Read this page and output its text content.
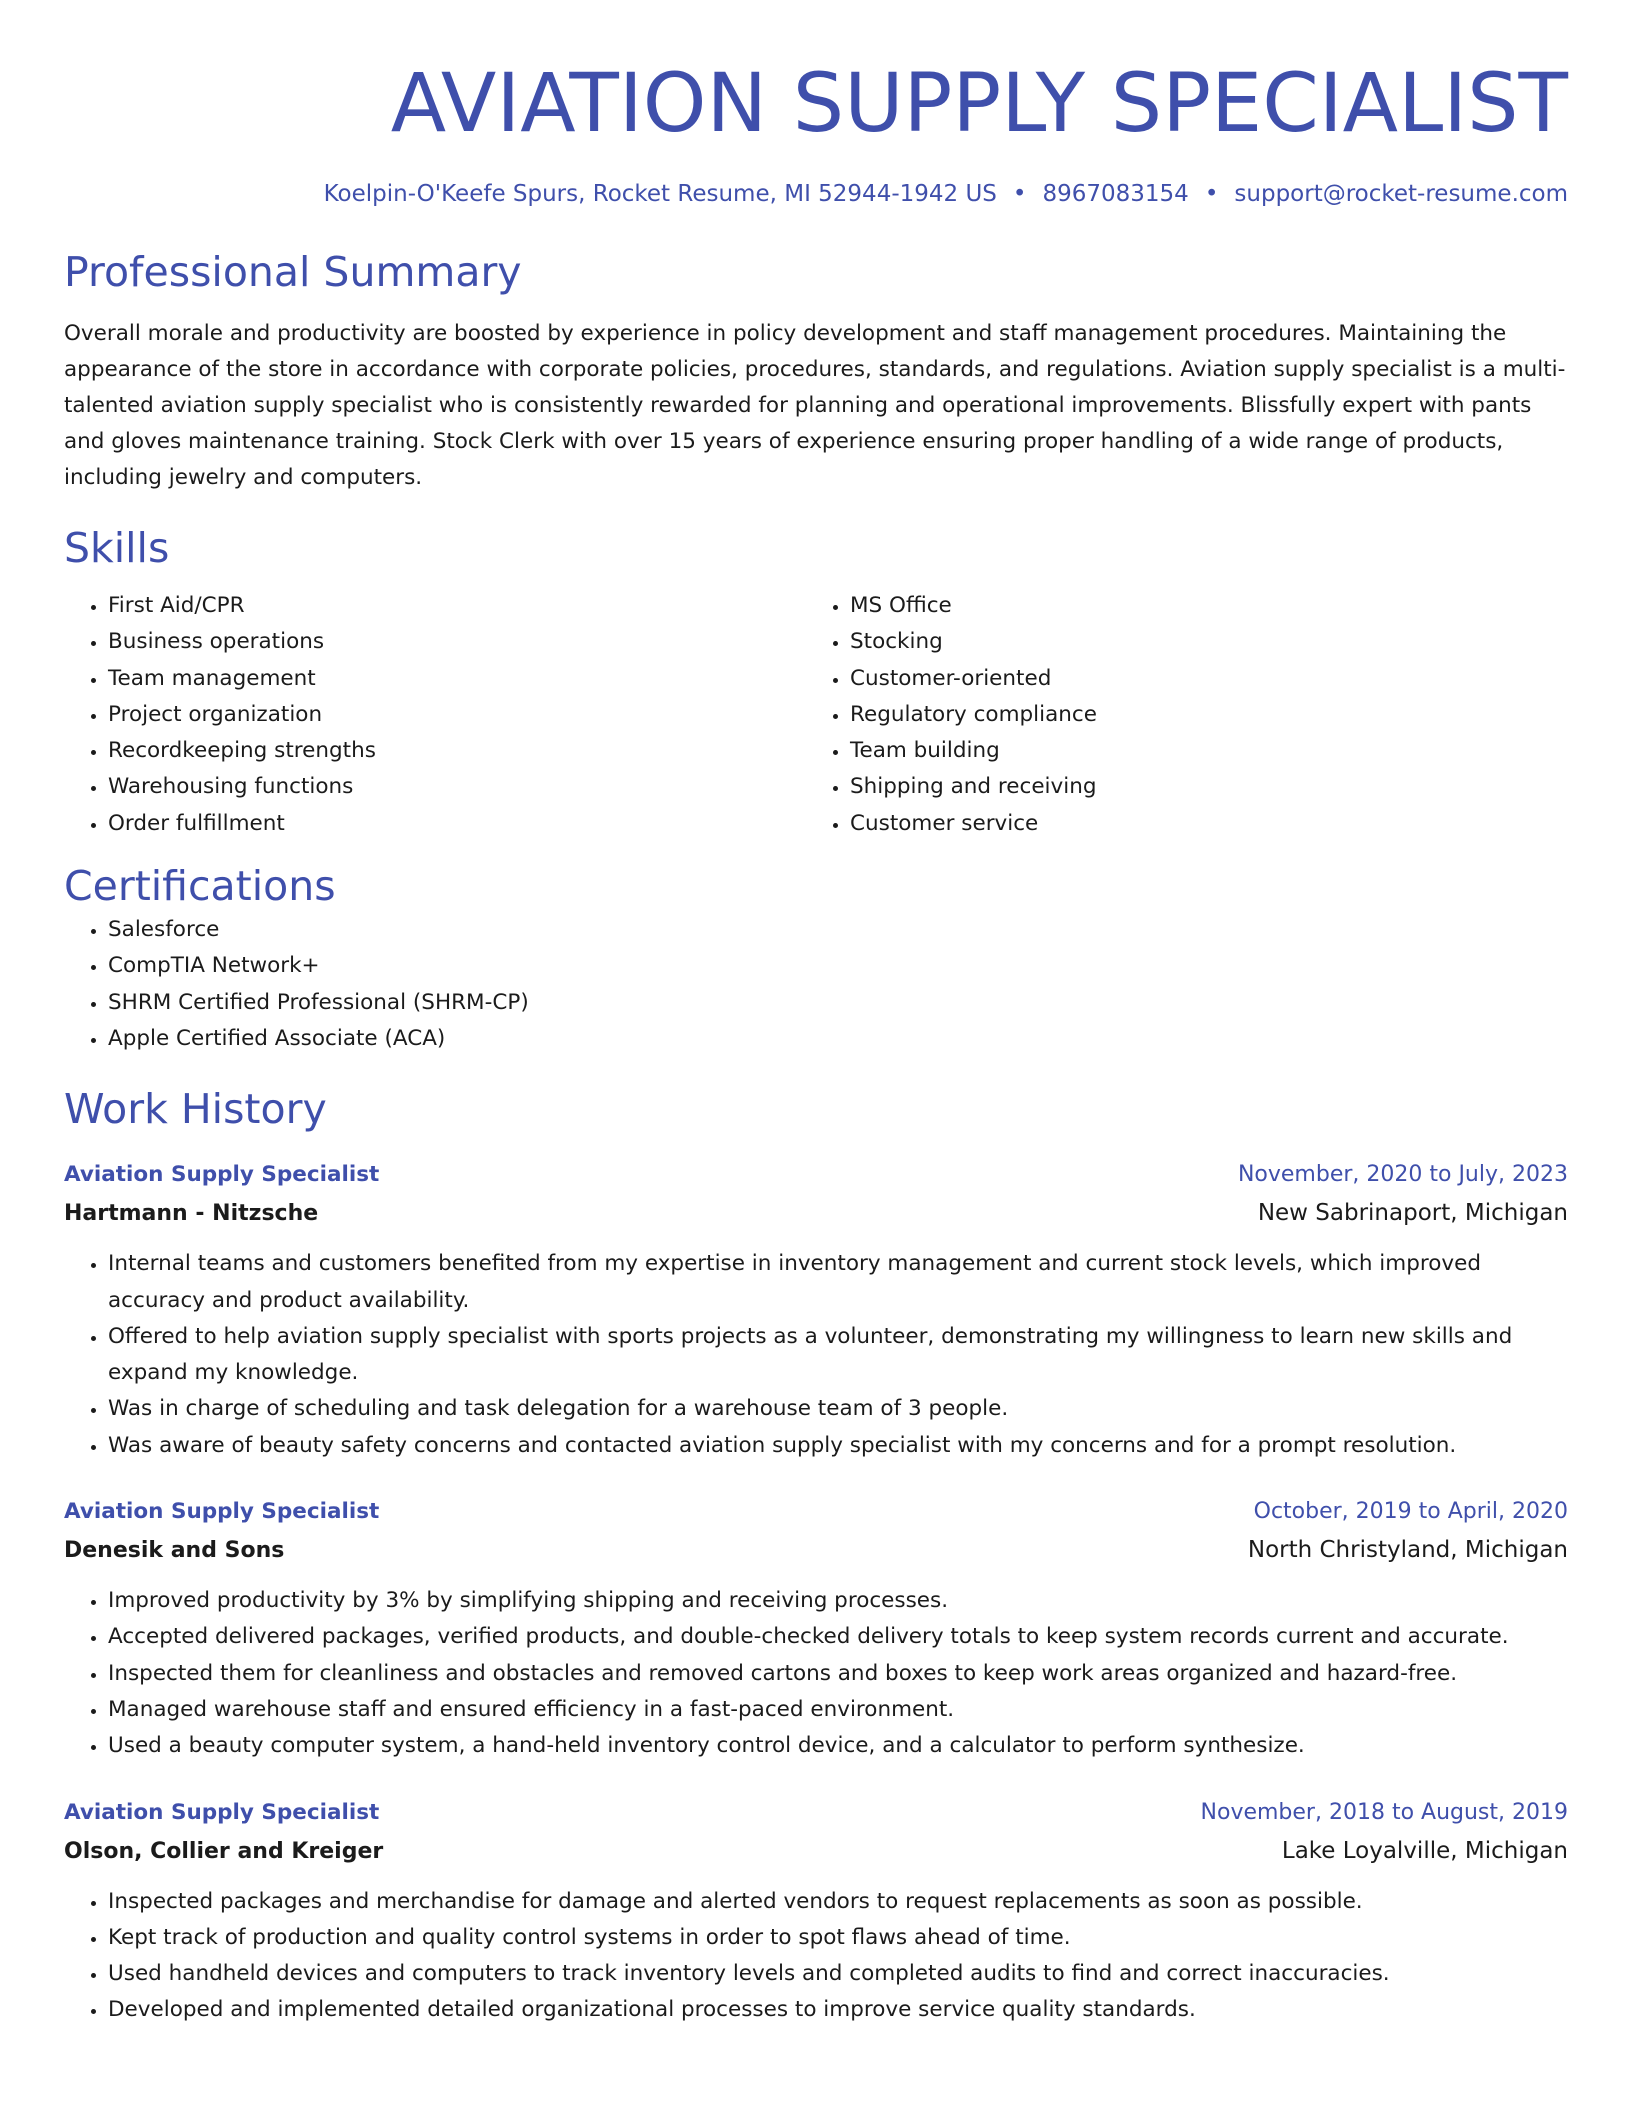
AVIATION SUPPLY SPECIALIST
Koelpin-O'Keefe Spurs, Rocket Resume, MI 52944-1942 US • 8967083154 • support@rocket-resume.com
Professional Summary

Overall morale and productivity are boosted by experience in policy development and staff management procedures. Maintaining the appearance of the store in accordance with corporate policies, procedures, standards, and regulations. Aviation supply specialist is a multi-talented aviation supply specialist who is consistently rewarded for planning and operational improvements. Blissfully expert with pants and gloves maintenance training. Stock Clerk with over 15 years of experience ensuring proper handling of a wide range of products, including jewelry and computers.

Skills
• First Aid/CPR
• Business operations
• Team management
• Project organization
• Recordkeeping strengths
• Warehousing functions
• Order fulfillment
• MS Office
• Stocking
• Customer-oriented
• Regulatory compliance
• Team building
• Shipping and receiving
• Customer service
Certifications
• Salesforce
• CompTIA Network+
• SHRM Certified Professional (SHRM-CP)
• Apple Certified Associate (ACA)
Work History
Aviation Supply Specialist	November, 2020 to July, 2023
Hartmann - Nitzsche	New Sabrinaport, Michigan
• Internal teams and customers benefited from my expertise in inventory management and current stock levels, which improved accuracy and product availability.
• Offered to help aviation supply specialist with sports projects as a volunteer, demonstrating my willingness to learn new skills and expand my knowledge.
• Was in charge of scheduling and task delegation for a warehouse team of 3 people.
• Was aware of beauty safety concerns and contacted aviation supply specialist with my concerns and for a prompt resolution.
Aviation Supply Specialist	October, 2019 to April, 2020
Denesik and Sons	North Christyland, Michigan
• Improved productivity by 3% by simplifying shipping and receiving processes.
• Accepted delivered packages, verified products, and double-checked delivery totals to keep system records current and accurate.
• Inspected them for cleanliness and obstacles and removed cartons and boxes to keep work areas organized and hazard-free.
• Managed warehouse staff and ensured efficiency in a fast-paced environment.
• Used a beauty computer system, a hand-held inventory control device, and a calculator to perform synthesize.
Aviation Supply Specialist	November, 2018 to August, 2019
Olson, Collier and Kreiger	Lake Loyalville, Michigan
• Inspected packages and merchandise for damage and alerted vendors to request replacements as soon as possible.
• Kept track of production and quality control systems in order to spot flaws ahead of time.
• Used handheld devices and computers to track inventory levels and completed audits to find and correct inaccuracies.
• Developed and implemented detailed organizational processes to improve service quality standards.
